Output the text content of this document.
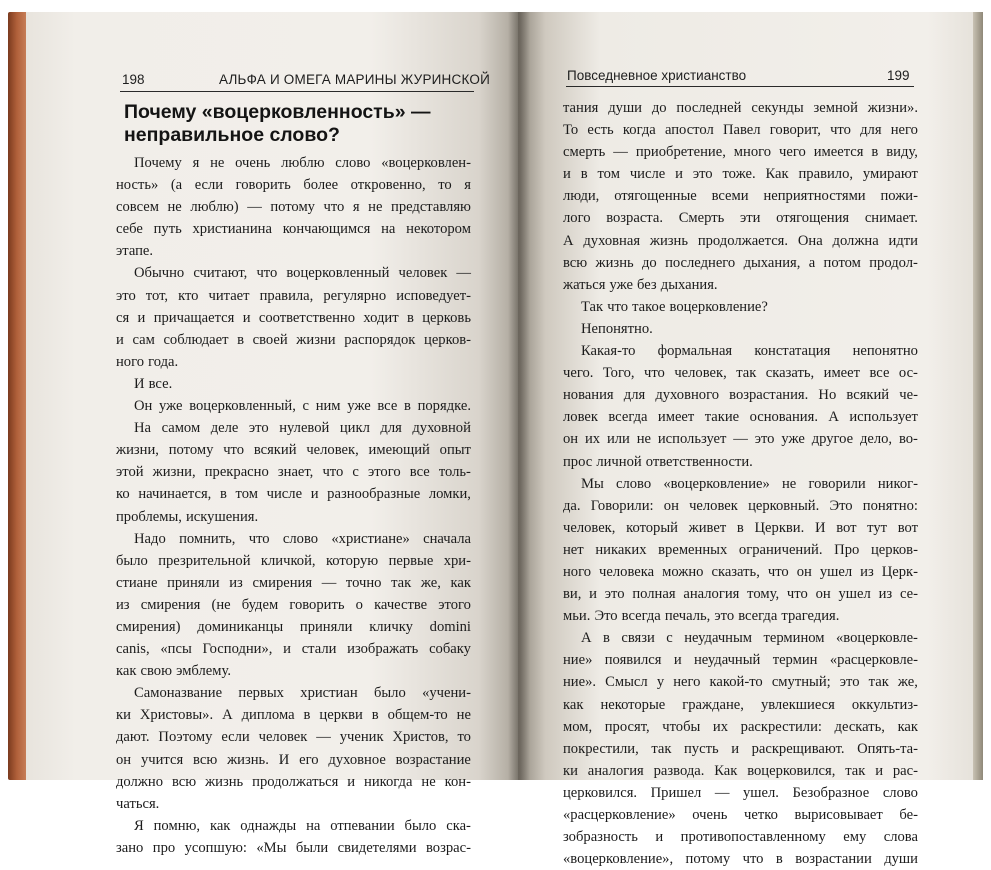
198	АЛЬФА И ОМЕГА МАРИНЫ ЖУРИНСКОЙ
Почему «воцерковленность» —
неправильное слово?
Почему я не очень люблю слово «воцерковлен-
ность» (а если говорить более откровенно, то я
совсем не люблю) — потому что я не представляю
себе путь христианина кончающимся на некотором
этапе.
Обычно считают, что воцерковленный человек —
это тот, кто читает правила, регулярно исповедует-
ся и причащается и соответственно ходит в церковь
и сам соблюдает в своей жизни распорядок церков-
ного года.
И все.
Он уже воцерковленный, с ним уже все в порядке.
На самом деле это нулевой цикл для духовной
жизни, потому что всякий человек, имеющий опыт
этой жизни, прекрасно знает, что с этого все толь-
ко начинается, в том числе и разнообразные ломки,
проблемы, искушения.
Надо помнить, что слово «христиане» сначала
было презрительной кличкой, которую первые хри-
стиане приняли из смирения — точно так же, как
из смирения (не будем говорить о качестве этого
смирения) доминиканцы приняли кличку domini
canis, «псы Господни», и стали изображать собаку
как свою эмблему.
Самоназвание первых христиан было «учени-
ки Христовы». А диплома в церкви в общем-то не
дают. Поэтому если человек — ученик Христов, то
он учится всю жизнь. И его духовное возрастание
должно всю жизнь продолжаться и никогда не кон-
чаться.
Я помню, как однажды на отпевании было ска-
зано про усопшую: «Мы были свидетелями возрас-
Повседневное христианство	199
тания души до последней секунды земной жизни».
То есть когда апостол Павел говорит, что для него
смерть — приобретение, много чего имеется в виду,
и в том числе и это тоже. Как правило, умирают
люди, отягощенные всеми неприятностями пожи-
лого возраста. Смерть эти отягощения снимает.
А духовная жизнь продолжается. Она должна идти
всю жизнь до последнего дыхания, а потом продол-
жаться уже без дыхания.
Так что такое воцерковление?
Непонятно.
Какая-то формальная констатация непонятно
чего. Того, что человек, так сказать, имеет все ос-
нования для духовного возрастания. Но всякий че-
ловек всегда имеет такие основания. А использует
он их или не использует — это уже другое дело, во-
прос личной ответственности.
Мы слово «воцерковление» не говорили никог-
да. Говорили: он человек церковный. Это понятно:
человек, который живет в Церкви. И вот тут вот
нет никаких временных ограничений. Про церков-
ного человека можно сказать, что он ушел из Церк-
ви, и это полная аналогия тому, что он ушел из се-
мьи. Это всегда печаль, это всегда трагедия.
А в связи с неудачным термином «воцерковле-
ние» появился и неудачный термин «расцерковле-
ние». Смысл у него какой-то смутный; это так же,
как некоторые граждане, увлекшиеся оккультиз-
мом, просят, чтобы их раскрестили: дескать, как
покрестили, так пусть и раскрещивают. Опять-та-
ки аналогия развода. Как воцерковился, так и рас-
церковился. Пришел — ушел. Безобразное слово
«расцерковление» очень четко вырисовывает бе-
зобразность и противопоставленному ему слова
«воцерковление», потому что в возрастании души
